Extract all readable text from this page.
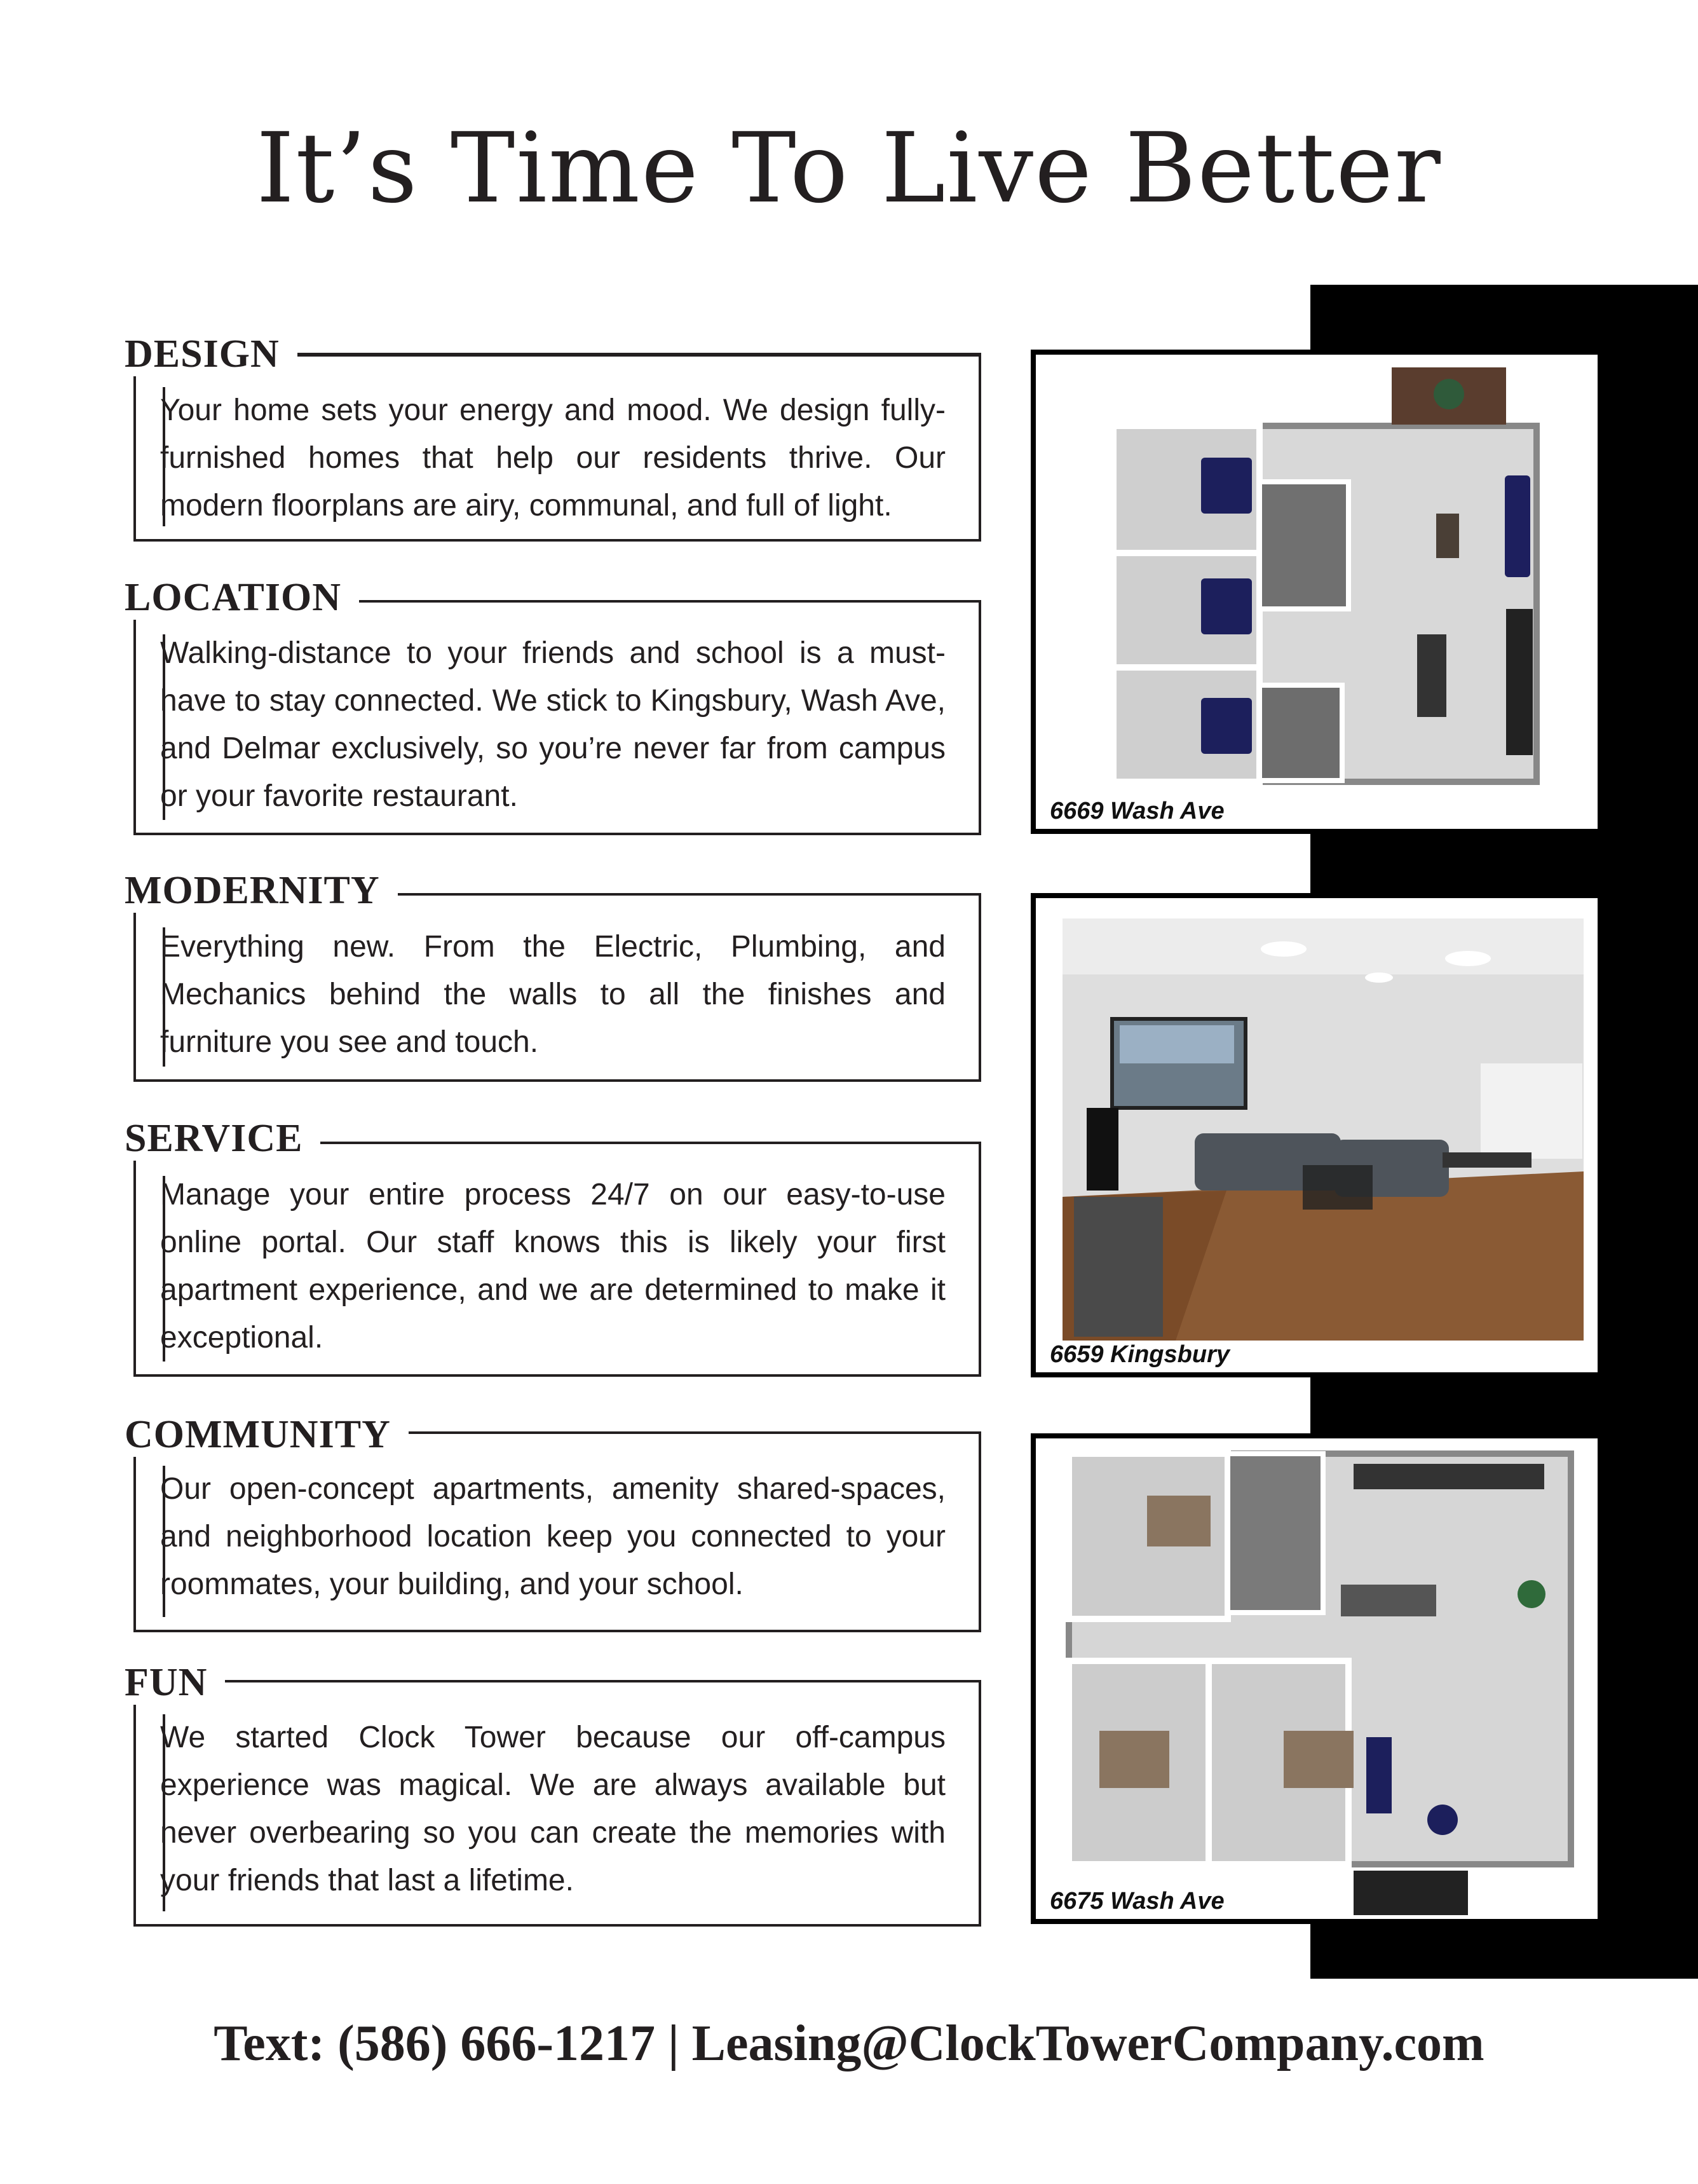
It’s Time To Live Better
DESIGN
Your home sets your energy and mood. We design fully-furnished homes that help our residents thrive. Our modern floorplans are airy, communal, and full of light.
LOCATION
Walking-distance to your friends and school is a must-have to stay connected. We stick to Kingsbury, Wash Ave, and Delmar exclusively, so you’re never far from campus or your favorite restaurant.
MODERNITY
Everything new. From the Electric, Plumbing, and Mechanics behind the walls to all the finishes and furniture you see and touch.
SERVICE
Manage your entire process 24/7 on our easy-to-use online portal. Our staff knows this is likely your first apartment experience, and we are determined to make it exceptional.
COMMUNITY
Our open-concept apartments, amenity shared-spaces, and neighborhood location keep you connected to your roommates, your building, and your school.
FUN
We started Clock Tower because our off-campus experience was magical. We are always available but never overbearing so you can create the memories with your friends that last a lifetime.
6669 Wash Ave
6659 Kingsbury
6675 Wash Ave
Text: (586) 666-1217 | Leasing@ClockTowerCompany.com
